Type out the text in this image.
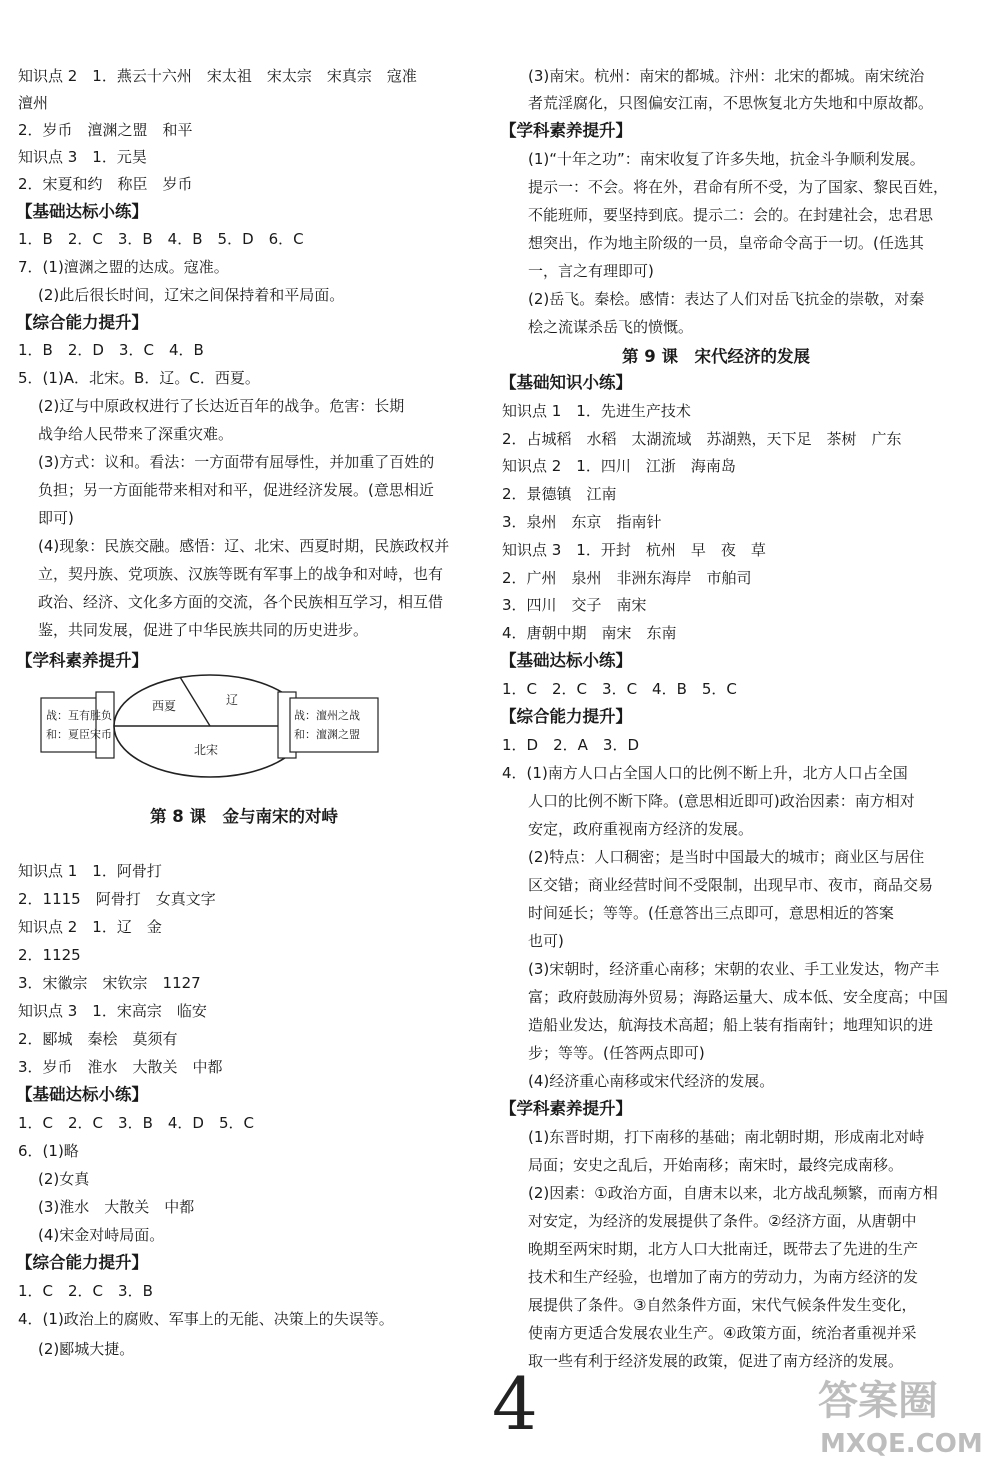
知识点 2　1．燕云十六州　宋太祖　宋太宗　宋真宗　寇准
澶州
2．岁币　澶渊之盟　和平
知识点 3　1．元昊
2．宋夏和约　称臣　岁币
【基础达标小练】
1．B　2．C　3．B　4．B　5．D　6．C
7．(1)澶渊之盟的达成。寇准。
(2)此后很长时间，辽宋之间保持着和平局面。
【综合能力提升】
1．B　2．D　3．C　4．B
5．(1)A．北宋。B．辽。C．西夏。
(2)辽与中原政权进行了长达近百年的战争。危害：长期
战争给人民带来了深重灾难。
(3)方式：议和。看法：一方面带有屈辱性，并加重了百姓的
负担；另一方面能带来相对和平，促进经济发展。(意思相近
即可)
(4)现象：民族交融。感悟：辽、北宋、西夏时期，民族政权并
立，契丹族、党项族、汉族等既有军事上的战争和对峙，也有
政治、经济、文化多方面的交流，各个民族相互学习，相互借
鉴，共同发展，促进了中华民族共同的历史进步。
【学科素养提升】
知识点 1　1．阿骨打
2．1115　阿骨打　女真文字
知识点 2　1．辽　金
2．1125
3．宋徽宗　宋钦宗　1127
知识点 3　1．宋高宗　临安
2．郾城　秦桧　莫须有
3．岁币　淮水　大散关　中都
【基础达标小练】
1．C　2．C　3．B　4．D　5．C
6．(1)略
(2)女真
(3)淮水　大散关　中都
(4)宋金对峙局面。
【综合能力提升】
1．C　2．C　3．B
4．(1)政治上的腐败、军事上的无能、决策上的失误等。
(2)郾城大捷。
(3)南宋。杭州：南宋的都城。汴州：北宋的都城。南宋统治
者荒淫腐化，只图偏安江南，不思恢复北方失地和中原故都。
【学科素养提升】
(1)“十年之功”：南宋收复了许多失地，抗金斗争顺利发展。
提示一：不会。将在外，君命有所不受，为了国家、黎民百姓，
不能班师，要坚持到底。提示二：会的。在封建社会，忠君思
想突出，作为地主阶级的一员，皇帝命令高于一切。(任选其
一，言之有理即可)
(2)岳飞。秦桧。感情：表达了人们对岳飞抗金的崇敬，对秦
桧之流谋杀岳飞的愤慨。
【基础知识小练】
知识点 1　1．先进生产技术
2．占城稻　水稻　太湖流域　苏湖熟，天下足　茶树　广东
知识点 2　1．四川　江浙　海南岛
2．景德镇　江南
3．泉州　东京　指南针
知识点 3　1．开封　杭州　早　夜　草
2．广州　泉州　非洲东海岸　市舶司
3．四川　交子　南宋
4．唐朝中期　南宋　东南
【基础达标小练】
1．C　2．C　3．C　4．B　5．C
【综合能力提升】
1．D　2．A　3．D
4．(1)南方人口占全国人口的比例不断上升，北方人口占全国
人口的比例不断下降。(意思相近即可)政治因素：南方相对
安定，政府重视南方经济的发展。
(2)特点：人口稠密；是当时中国最大的城市；商业区与居住
区交错；商业经营时间不受限制，出现早市、夜市，商品交易
时间延长；等等。(任意答出三点即可，意思相近的答案
也可)
(3)宋朝时，经济重心南移；宋朝的农业、手工业发达，物产丰
富；政府鼓励海外贸易；海路运量大、成本低、安全度高；中国
造船业发达，航海技术高超；船上装有指南针；地理知识的进
步；等等。(任答两点即可)
(4)经济重心南移或宋代经济的发展。
【学科素养提升】
(1)东晋时期，打下南移的基础；南北朝时期，形成南北对峙
局面；安史之乱后，开始南移；南宋时，最终完成南移。
(2)因素：①政治方面，自唐末以来，北方战乱频繁，而南方相
对安定，为经济的发展提供了条件。②经济方面，从唐朝中
晚期至两宋时期，北方人口大批南迁，既带去了先进的生产
技术和生产经验，也增加了南方的劳动力，为南方经济的发
展提供了条件。③自然条件方面，宋代气候条件发生变化，
使南方更适合发展农业生产。④政策方面，统治者重视并采
取一些有利于经济发展的政策，促进了南方经济的发展。
第 8 课　金与南宋的对峙
第 9 课　宋代经济的发展
战：互有胜负
和：夏臣宋币
西夏	辽
北宋
战：澶州之战
和：澶渊之盟
4	答案圈
MXQE.COM
